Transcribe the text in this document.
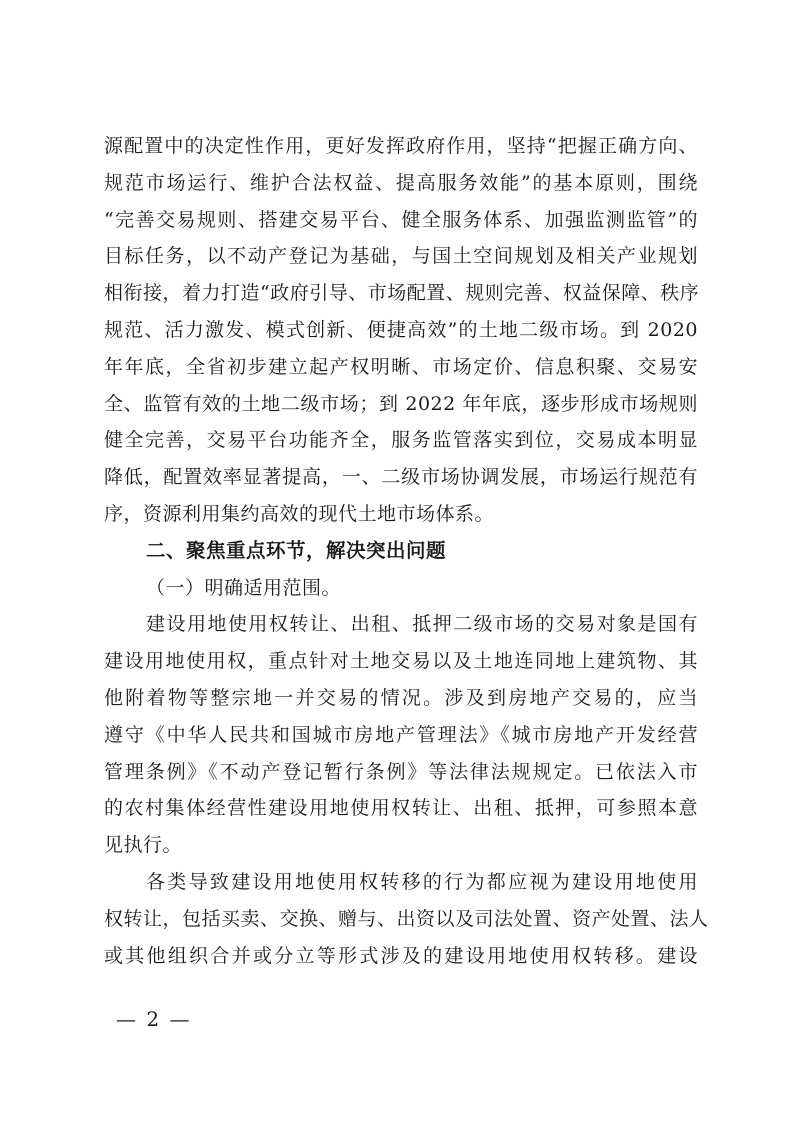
源配置中的决定性作用，更好发挥政府作用，坚持“把握正确方向、
规范市场运行、维护合法权益、提高服务效能”的基本原则，围绕
“完善交易规则、搭建交易平台、健全服务体系、加强监测监管”的
目标任务，以不动产登记为基础，与国土空间规划及相关产业规划
相衔接，着力打造“政府引导、市场配置、规则完善、权益保障、秩序
规范、活力激发、模式创新、便捷高效”的土地二级市场。到 2020
年年底，全省初步建立起产权明晰、市场定价、信息积聚、交易安
全、监管有效的土地二级市场；到 2022 年年底，逐步形成市场规则
健全完善，交易平台功能齐全，服务监管落实到位，交易成本明显
降低，配置效率显著提高，一、二级市场协调发展，市场运行规范有
序，资源利用集约高效的现代土地市场体系。
二、聚焦重点环节，解决突出问题
（一）明确适用范围。
建设用地使用权转让、出租、抵押二级市场的交易对象是国有
建设用地使用权，重点针对土地交易以及土地连同地上建筑物、其
他附着物等整宗地一并交易的情况。涉及到房地产交易的，应当
遵守《中华人民共和国城市房地产管理法》《城市房地产开发经营
管理条例》《不动产登记暂行条例》等法律法规规定。已依法入市
的农村集体经营性建设用地使用权转让、出租、抵押，可参照本意
见执行。
各类导致建设用地使用权转移的行为都应视为建设用地使用
权转让，包括买卖、交换、赠与、出资以及司法处置、资产处置、法人
或其他组织合并或分立等形式涉及的建设用地使用权转移。建设
— 2 —
